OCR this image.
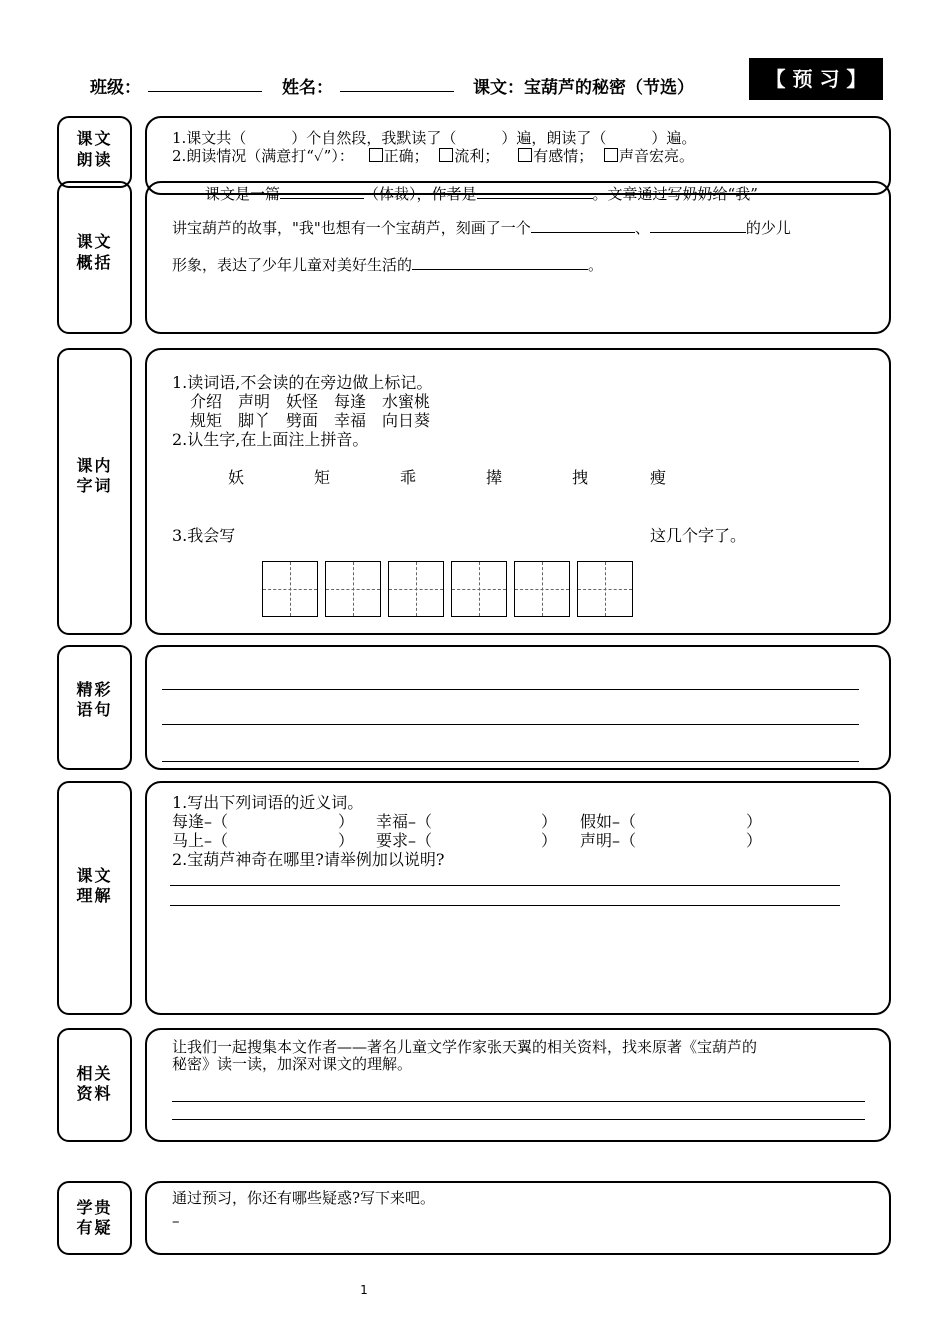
班级：	姓名：	课文：宝葫芦的秘密（节选）	【 预 习 】
课文
朗读
课文
概括
1.课文共（　　　）个自然段，我默读了（　　　）遍，朗读了（　　　）遍。
2.朗读情况（满意打“✓”）： 正确； 流利； 有感情； 声音宏亮。
课文是一篇	（体裁），作者是	。文章通过写奶奶给“我”
讲宝葫芦的故事，"我"也想有一个宝葫芦，刻画了一个	、	的少儿
形象，表达了少年儿童对美好生活的	。
课内
字词
1.读词语,不会读的在旁边做上标记。
介绍　声明　妖怪　每逢　水蜜桃
规矩　脚丫　劈面　幸福　向日葵
2.认生字,在上面注上拼音。
妖	矩	乖	撵	拽	瘦
3.我会写	这几个字了。
精彩
语句
课文
理解
1.写出下列词语的近义词。
每逢–（	） 幸福–（	） 假如–（	）
马上–（	） 要求–（	） 声明–（	）
2.宝葫芦神奇在哪里?请举例加以说明?
相关
资料
让我们一起搜集本文作者——著名儿童文学作家张天翼的相关资料，找来原著《宝葫芦的
秘密》读一读，加深对课文的理解。
学贵
有疑
通过预习，你还有哪些疑惑?写下来吧。
–
1
